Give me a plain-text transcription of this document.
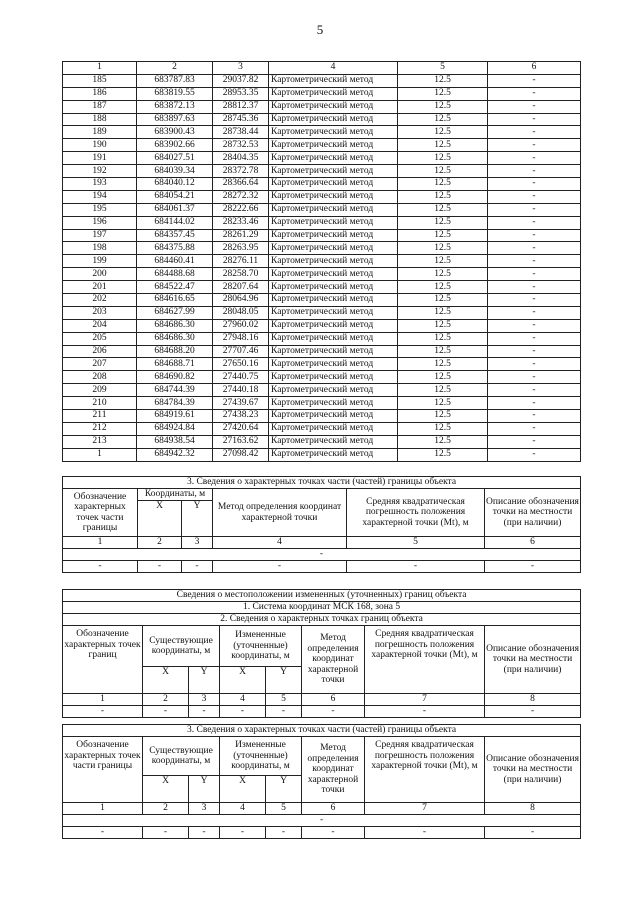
5
1	2	3	4	5	6
185	683787.83	29037.82	Картометрический метод	12.5	-
186	683819.55	28953.35	Картометрический метод	12.5	-
187	683872.13	28812.37	Картометрический метод	12.5	-
188	683897.63	28745.36	Картометрический метод	12.5	-
189	683900.43	28738.44	Картометрический метод	12.5	-
190	683902.66	28732.53	Картометрический метод	12.5	-
191	684027.51	28404.35	Картометрический метод	12.5	-
192	684039.34	28372.78	Картометрический метод	12.5	-
193	684040.12	28366.64	Картометрический метод	12.5	-
194	684054.21	28272.32	Картометрический метод	12.5	-
195	684061.37	28222.66	Картометрический метод	12.5	-
196	684144.02	28233.46	Картометрический метод	12.5	-
197	684357.45	28261.29	Картометрический метод	12.5	-
198	684375.88	28263.95	Картометрический метод	12.5	-
199	684460.41	28276.11	Картометрический метод	12.5	-
200	684488.68	28258.70	Картометрический метод	12.5	-
201	684522.47	28207.64	Картометрический метод	12.5	-
202	684616.65	28064.96	Картометрический метод	12.5	-
203	684627.99	28048.05	Картометрический метод	12.5	-
204	684686.30	27960.02	Картометрический метод	12.5	-
205	684686.30	27948.16	Картометрический метод	12.5	-
206	684688.20	27707.46	Картометрический метод	12.5	-
207	684688.71	27650.16	Картометрический метод	12.5	-
208	684690.82	27440.75	Картометрический метод	12.5	-
209	684744.39	27440.18	Картометрический метод	12.5	-
210	684784.39	27439.67	Картометрический метод	12.5	-
211	684919.61	27438.23	Картометрический метод	12.5	-
212	684924.84	27420.64	Картометрический метод	12.5	-
213	684938.54	27163.62	Картометрический метод	12.5	-
1	684942.32	27098.42	Картометрический метод	12.5	-
3. Сведения о характерных точках части (частей) границы объекта					
Обозначение характерных точек части границы	Координаты, м		Метод определения координат характерной точки	Средняя квадратическая погрешность положения характерной точки (Mt), м	Описание обозначения точки на местности (при наличии)
	X	Y			
1	2	3	4	5	6
-					
-	-	-	-	-	-
Сведения о местоположении измененных (уточненных) границ объекта							
1. Система координат МСК 168, зона 5							
2. Сведения о характерных точках границ объекта							
Обозначение характерных точек границ	Существующие координаты, м		Измененные (уточненные) координаты, м		Метод определения координат характерной точки	Средняя квадратическая погрешность положения характерной точки (Mt), м	Описание обозначения точки на местности (при наличии)
	X	Y	X	Y			
1	2	3	4	5	6	7	8
-	-	-	-	-	-	-	-
3. Сведения о характерных точках части (частей) границы объекта							
Обозначение характерных точек части границы	Существующие координаты, м		Измененные (уточненные) координаты, м		Метод определения координат характерной точки	Средняя квадратическая погрешность положения характерной точки (Mt), м	Описание обозначения точки на местности (при наличии)
	X	Y	X	Y			
1	2	3	4	5	6	7	8
-							
-	-	-	-	-	-	-	-
